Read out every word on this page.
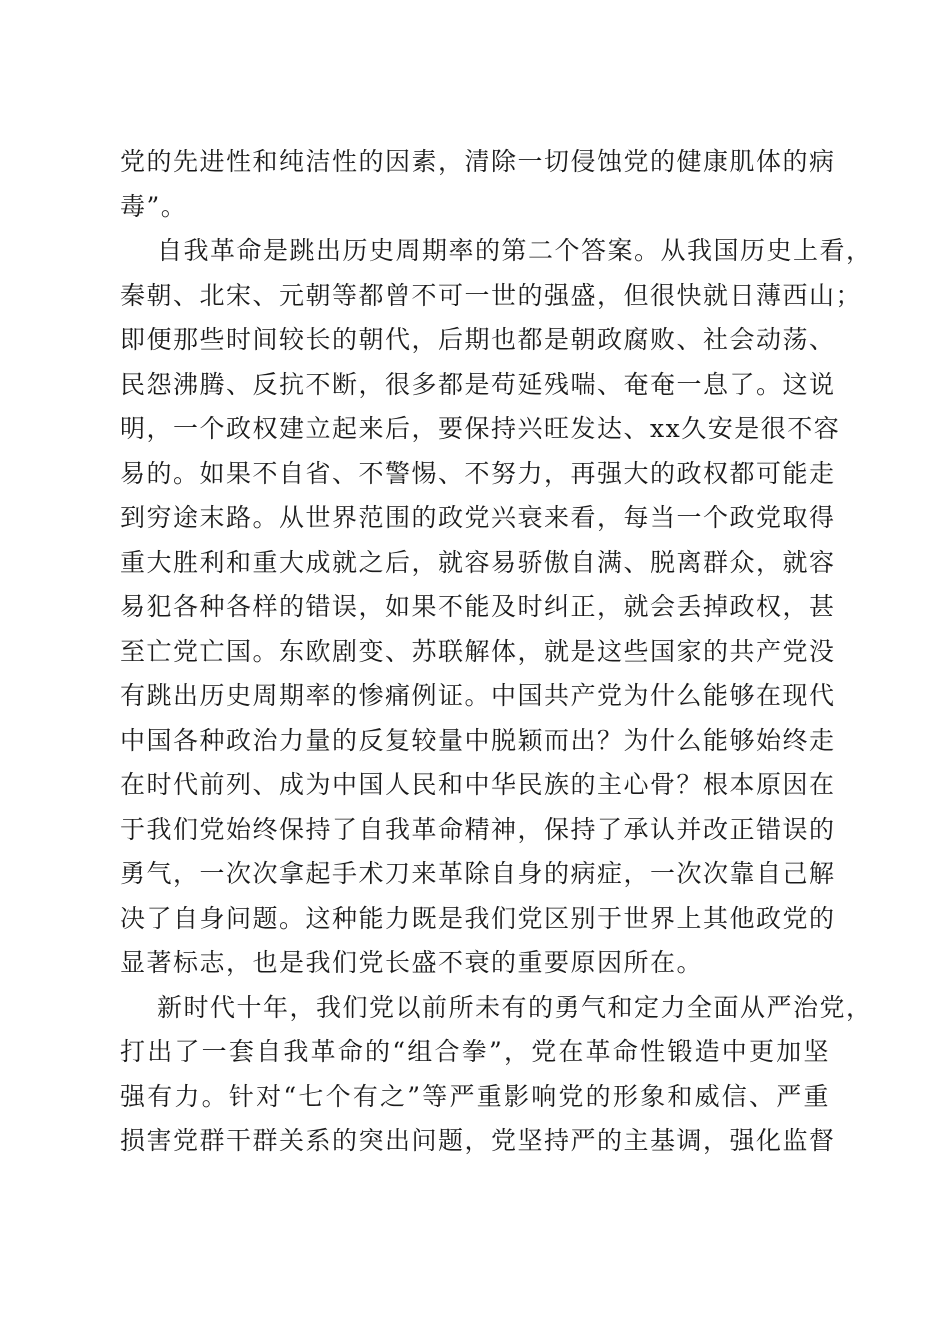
党的先进性和纯洁性的因素，清除一切侵蚀党的健康肌体的病
毒”。
自我革命是跳出历史周期率的第二个答案。从我国历史上看，
秦朝、北宋、元朝等都曾不可一世的强盛，但很快就日薄西山；
即便那些时间较长的朝代，后期也都是朝政腐败、社会动荡、
民怨沸腾、反抗不断，很多都是苟延残喘、奄奄一息了。这说
明，一个政权建立起来后，要保持兴旺发达、xx久安是很不容
易的。如果不自省、不警惕、不努力，再强大的政权都可能走
到穷途末路。从世界范围的政党兴衰来看，每当一个政党取得
重大胜利和重大成就之后，就容易骄傲自满、脱离群众，就容
易犯各种各样的错误，如果不能及时纠正，就会丢掉政权，甚
至亡党亡国。东欧剧变、苏联解体，就是这些国家的共产党没
有跳出历史周期率的惨痛例证。中国共产党为什么能够在现代
中国各种政治力量的反复较量中脱颖而出？为什么能够始终走
在时代前列、成为中国人民和中华民族的主心骨？根本原因在
于我们党始终保持了自我革命精神，保持了承认并改正错误的
勇气，一次次拿起手术刀来革除自身的病症，一次次靠自己解
决了自身问题。这种能力既是我们党区别于世界上其他政党的
显著标志，也是我们党长盛不衰的重要原因所在。
新时代十年，我们党以前所未有的勇气和定力全面从严治党，
打出了一套自我革命的“组合拳”，党在革命性锻造中更加坚
强有力。针对“七个有之”等严重影响党的形象和威信、严重
损害党群干群关系的突出问题，党坚持严的主基调，强化监督
